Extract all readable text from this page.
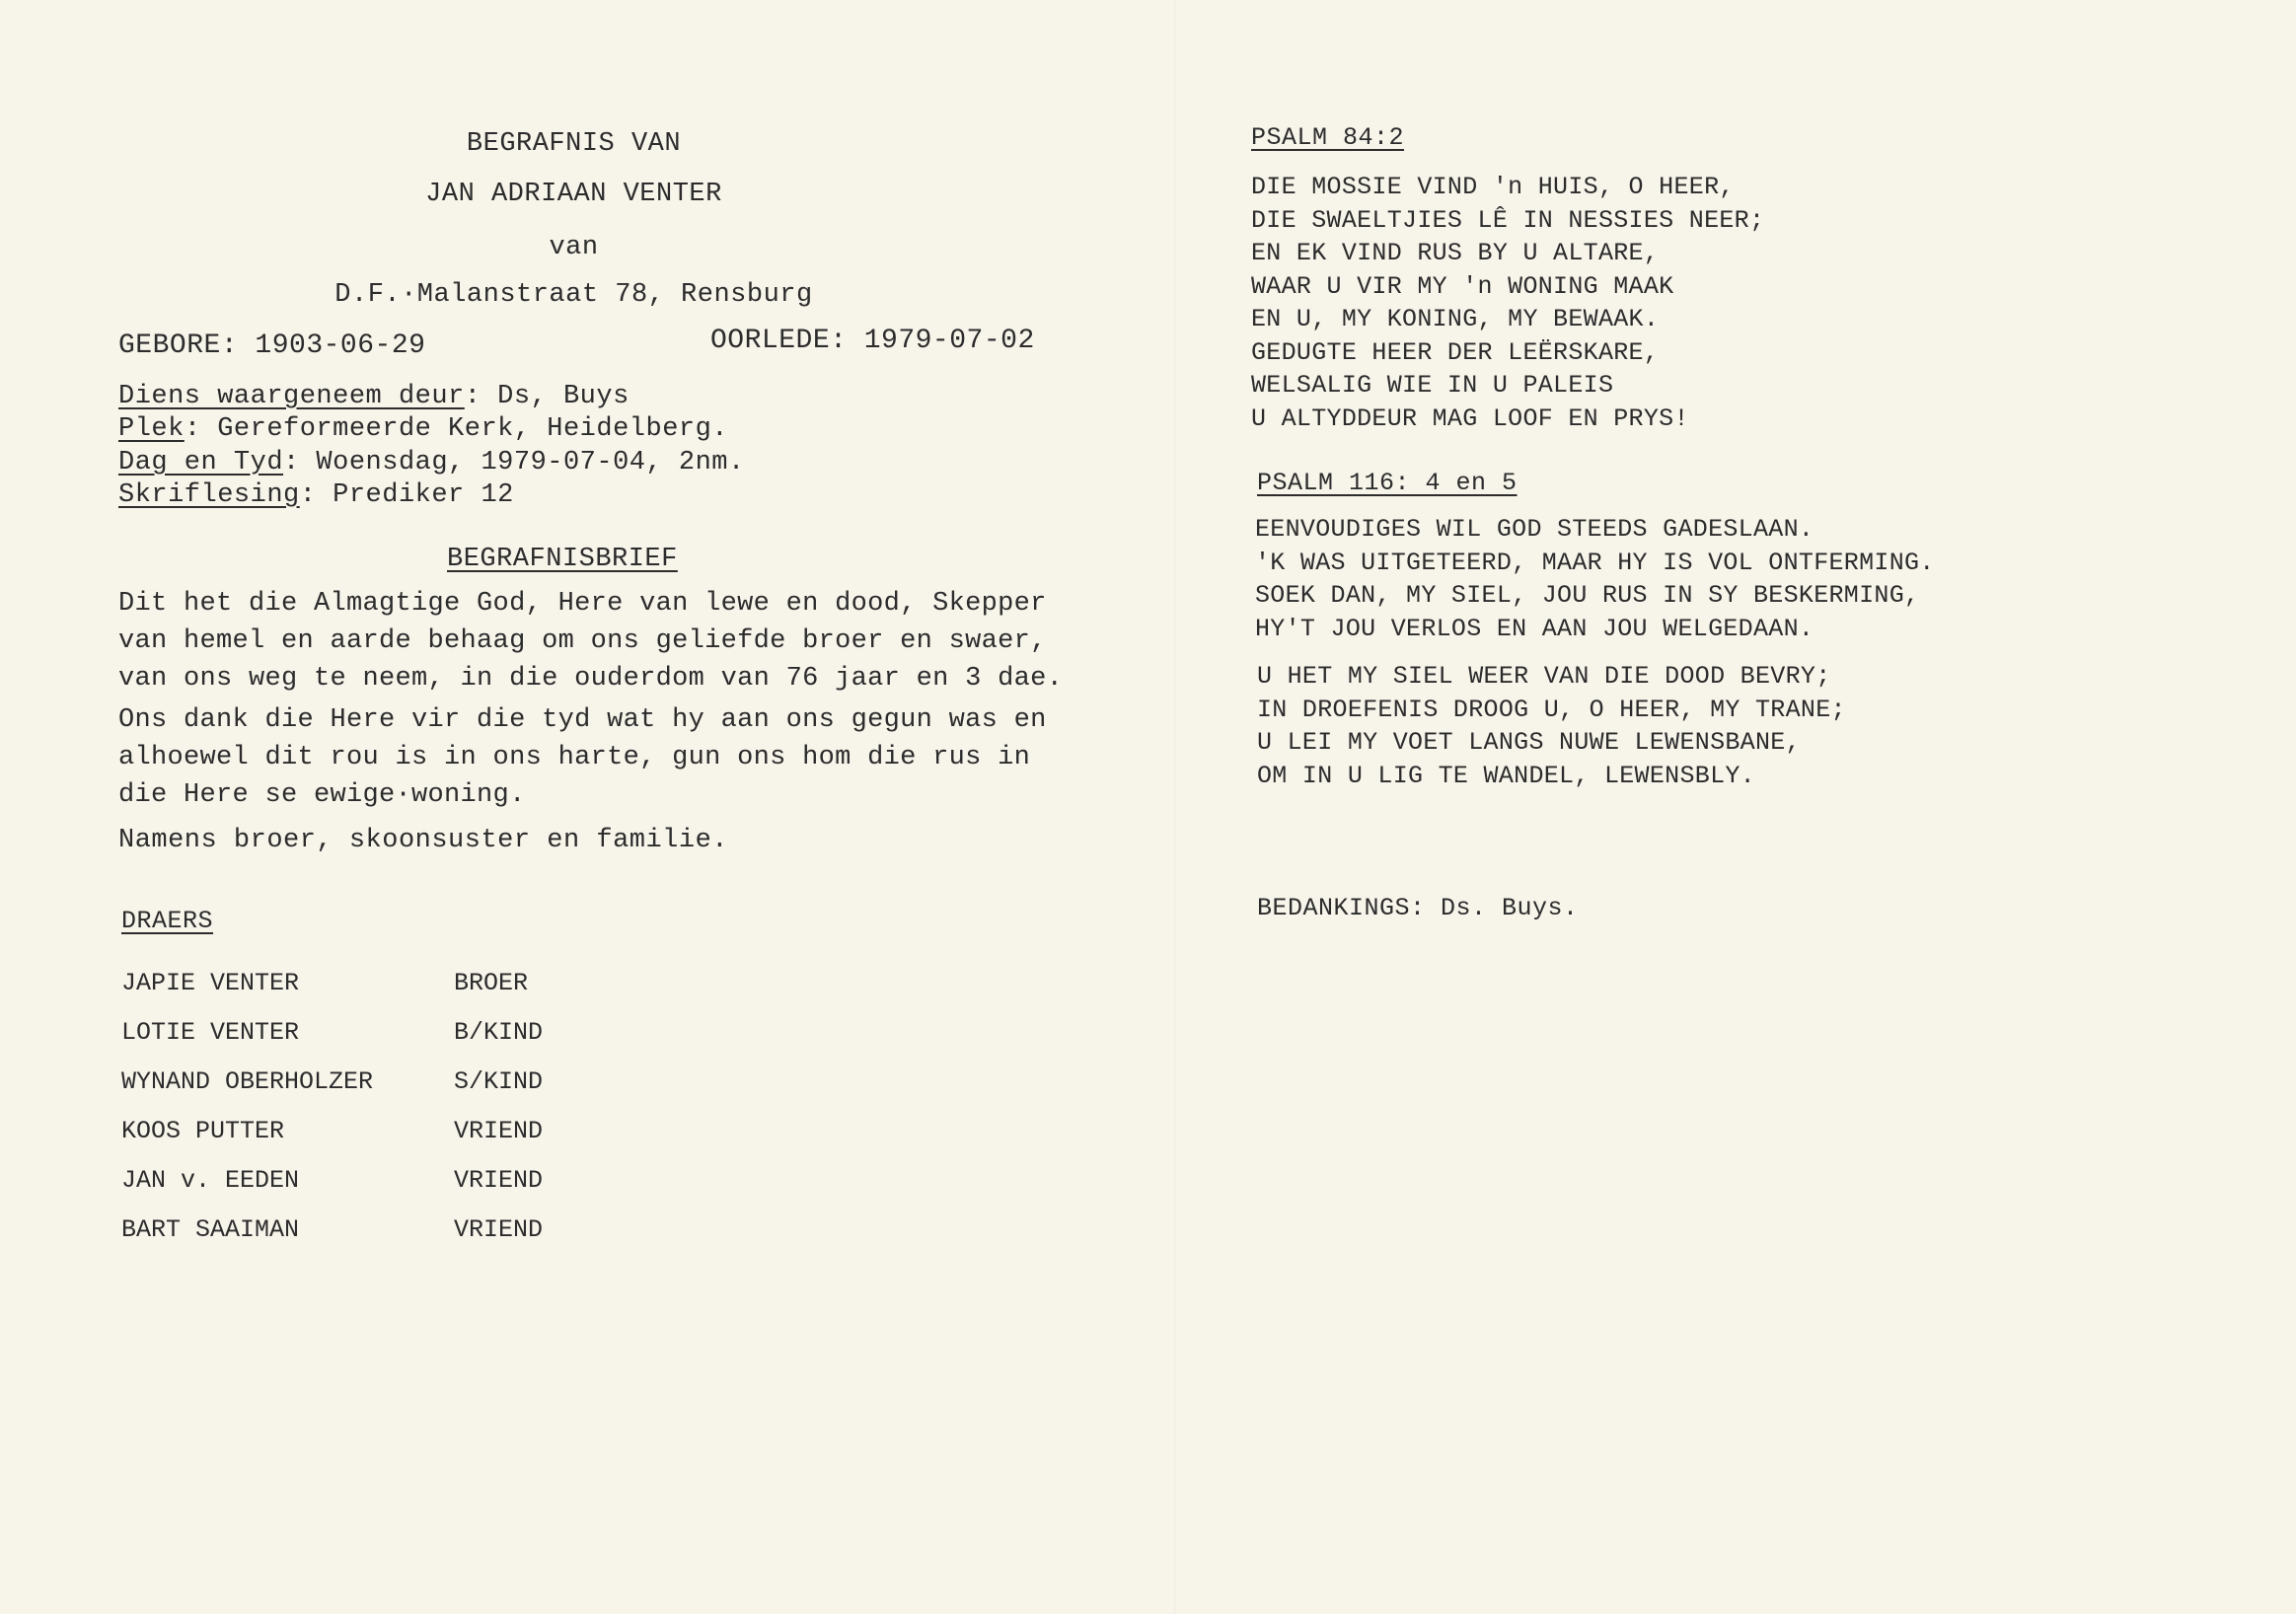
BEGRAFNIS VAN
JAN ADRIAAN VENTER
van
D.F.·Malanstraat 78, Rensburg
GEBORE: 1903-06-29	OORLEDE: 1979-07-02
Diens waargeneem deur: Ds, Buys
Plek: Gereformeerde Kerk, Heidelberg.
Dag en Tyd: Woensdag, 1979-07-04, 2nm.
Skriflesing: Prediker 12
BEGRAFNISBRIEF
Dit het die Almagtige God, Here van lewe en dood, Skepper
van hemel en aarde behaag om ons geliefde broer en swaer,
van ons weg te neem, in die ouderdom van 76 jaar en 3 dae.
Ons dank die Here vir die tyd wat hy aan ons gegun was en
alhoewel dit rou is in ons harte, gun ons hom die rus in
die Here se ewige·woning.
Namens broer, skoonsuster en familie.
DRAERS
JAPIE VENTER	BROER
LOTIE VENTER	B/KIND
WYNAND OBERHOLZER	S/KIND
KOOS PUTTER	VRIEND
JAN v. EEDEN	VRIEND
BART SAAIMAN	VRIEND
PSALM 84:2
DIE MOSSIE VIND 'n HUIS, O HEER,
DIE SWAELTJIES LÊ IN NESSIES NEER;
EN EK VIND RUS BY U ALTARE,
WAAR U VIR MY 'n WONING MAAK
EN U, MY KONING, MY BEWAAK.
GEDUGTE HEER DER LEËRSKARE,
WELSALIG WIE IN U PALEIS
U ALTYDDEUR MAG LOOF EN PRYS!
PSALM 116: 4 en 5
EENVOUDIGES WIL GOD STEEDS GADESLAAN.
'K WAS UITGETEERD, MAAR HY IS VOL ONTFERMING.
SOEK DAN, MY SIEL, JOU RUS IN SY BESKERMING,
HY'T JOU VERLOS EN AAN JOU WELGEDAAN.
U HET MY SIEL WEER VAN DIE DOOD BEVRY;
IN DROEFENIS DROOG U, O HEER, MY TRANE;
U LEI MY VOET LANGS NUWE LEWENSBANE,
OM IN U LIG TE WANDEL, LEWENSBLY.
BEDANKINGS: Ds. Buys.
